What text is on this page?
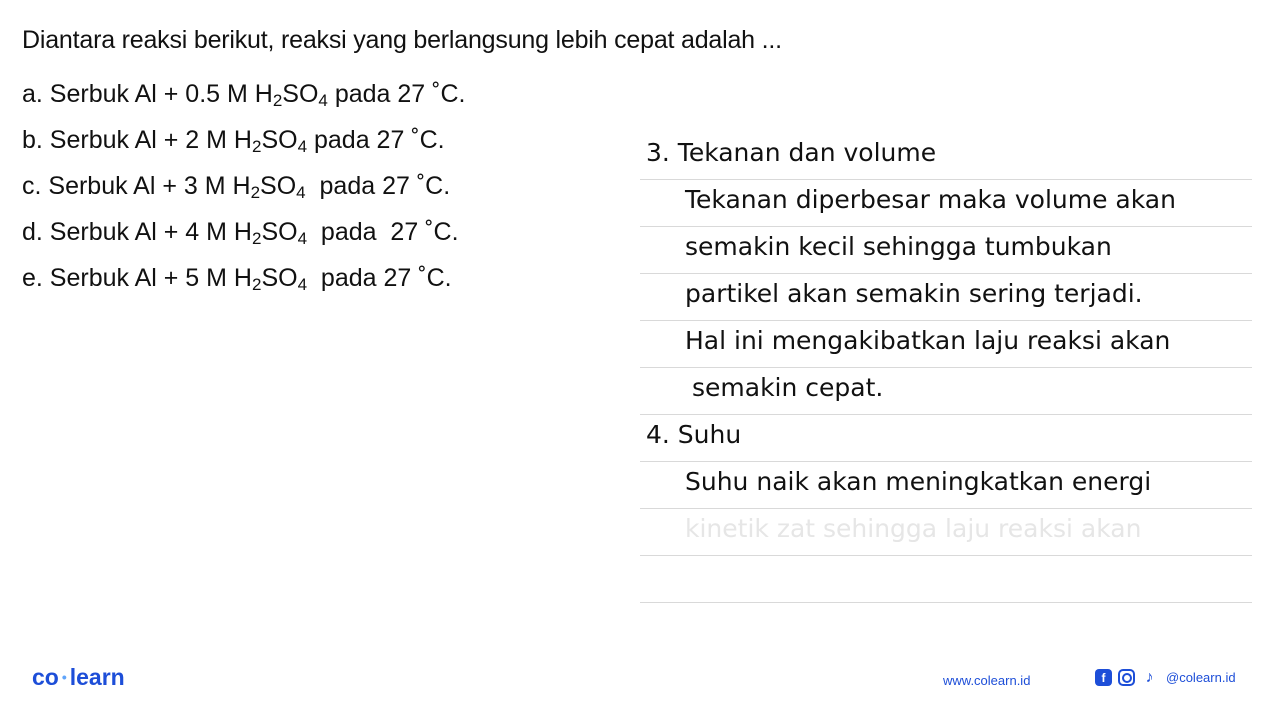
Diantara reaksi berikut, reaksi yang berlangsung lebih cepat adalah ...
a. Serbuk Al + 0.5 M $H_2SO_4$ pada 27 ˚C.
b. Serbuk Al + 2 M $H_2SO_4$ pada 27 ˚C.
c. Serbuk Al + 3 M $H_2SO_4$  pada 27 ˚C.
d. Serbuk Al + 4 M $H_2SO_4$  pada  27 ˚C.
e. Serbuk Al + 5 M $H_2SO_4$  pada 27 ˚C.
3. Tekanan dan volume
Tekanan diperbesar maka volume akan
semakin kecil sehingga tumbukan
partikel akan semakin sering terjadi.
Hal ini mengakibatkan laju reaksi akan
semakin cepat.
4. Suhu
Suhu naik akan meningkatkan energi
kinetik zat sehingga laju reaksi akan
co • learn	www.colearn.id	f	♪ @colearn.id
